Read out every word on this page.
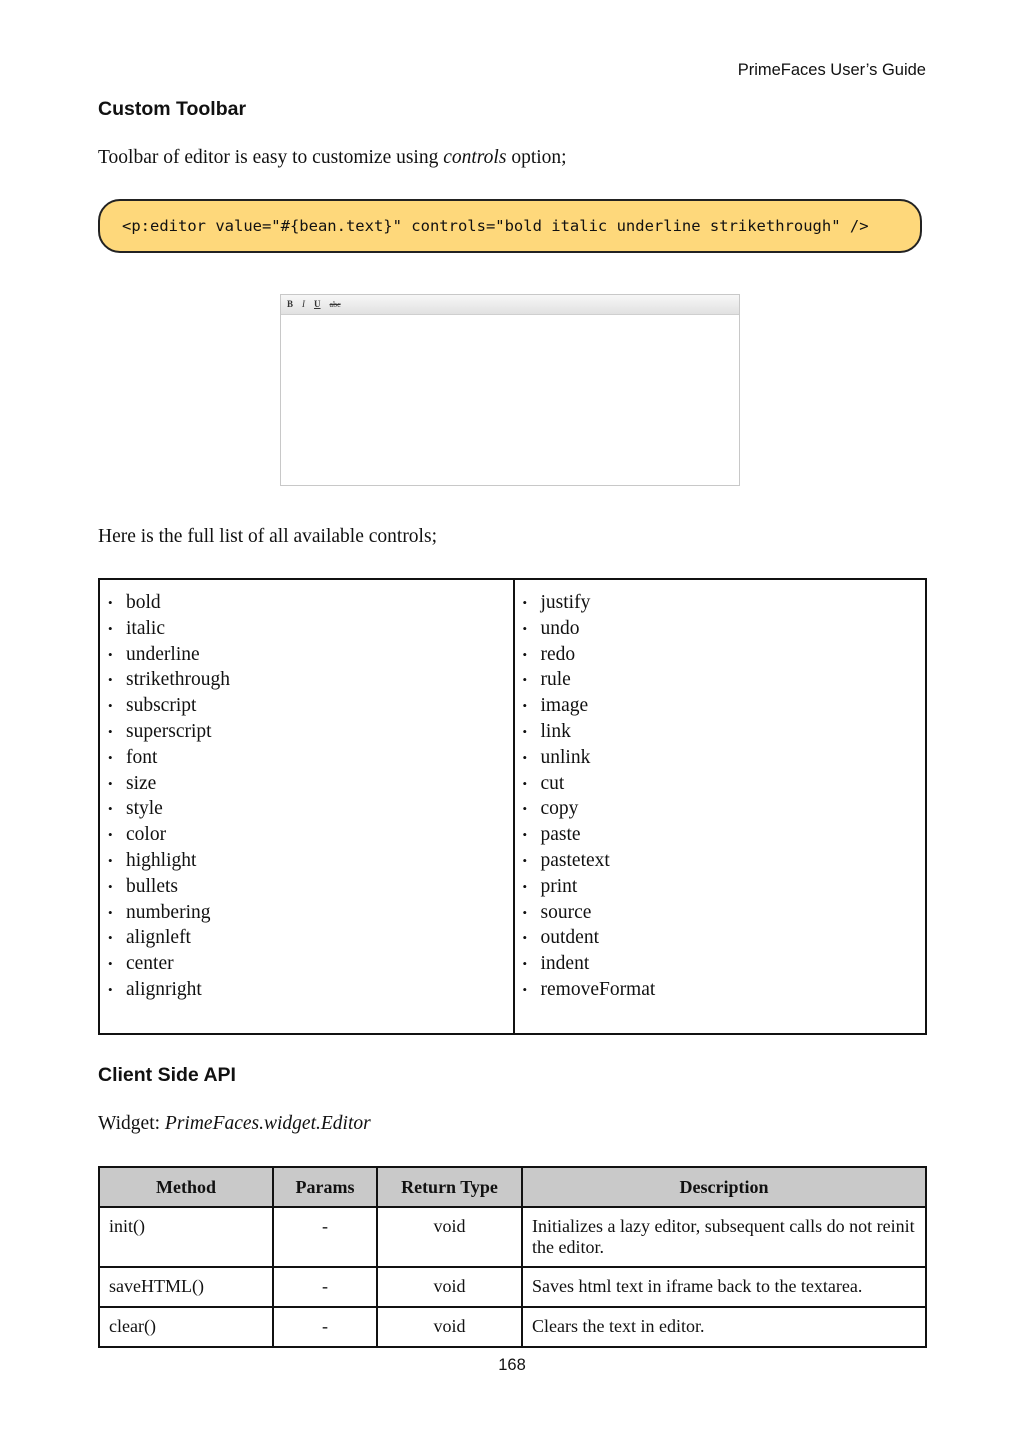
PrimeFaces User’s Guide
Custom Toolbar
Toolbar of editor is easy to customize using controls option;
<p:editor value="#{bean.text}" controls="bold italic underline strikethrough" />
B I U abc
Here is the full list of all available controls;
• bold
• italic
• underline
• strikethrough
• subscript
• superscript
• font
• size
• style
• color
• highlight
• bullets
• numbering
• alignleft
• center
• alignright
• justify
• undo
• redo
• rule
• image
• link
• unlink
• cut
• copy
• paste
• pastetext
• print
• source
• outdent
• indent
• removeFormat
Client Side API
Widget: PrimeFaces.widget.Editor
Method	Params	Return Type	Description
init()	-	void	Initializes a lazy editor, subsequent calls do not reinit the editor.
saveHTML()	-	void	Saves html text in iframe back to the textarea.
clear()	-	void	Clears the text in editor.
168
